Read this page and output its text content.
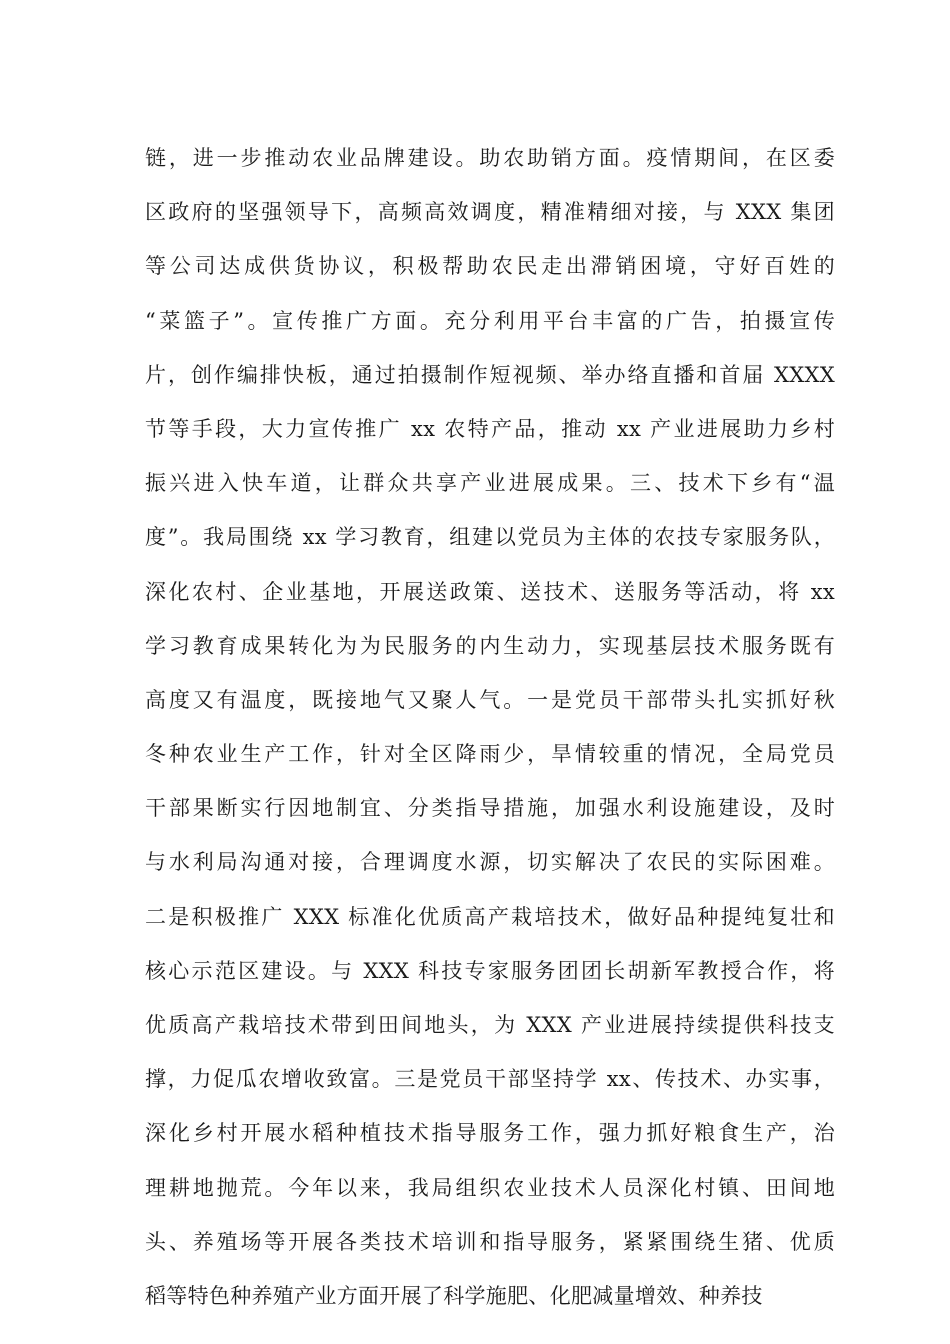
链，进一步推动农业品牌建设。助农助销方面。疫情期间，在区委
区政府的坚强领导下，高频高效调度，精准精细对接，与 XXX 集团
等公司达成供货协议，积极帮助农民走出滞销困境，守好百姓的
“菜篮子”。宣传推广方面。充分利用平台丰富的广告，拍摄宣传
片，创作编排快板，通过拍摄制作短视频、举办络直播和首届 XXXX
节等手段，大力宣传推广 xx 农特产品，推动 xx 产业进展助力乡村
振兴进入快车道，让群众共享产业进展成果。三、技术下乡有“温
度”。我局围绕 xx 学习教育，组建以党员为主体的农技专家服务队，
深化农村、企业基地，开展送政策、送技术、送服务等活动，将 xx
学习教育成果转化为为民服务的内生动力，实现基层技术服务既有
高度又有温度，既接地气又聚人气。一是党员干部带头扎实抓好秋
冬种农业生产工作，针对全区降雨少，旱情较重的情况，全局党员
干部果断实行因地制宜、分类指导措施，加强水利设施建设，及时
与水利局沟通对接，合理调度水源，切实解决了农民的实际困难。
二是积极推广 XXX 标准化优质高产栽培技术，做好品种提纯复壮和
核心示范区建设。与 XXX 科技专家服务团团长胡新军教授合作，将
优质高产栽培技术带到田间地头，为 XXX 产业进展持续提供科技支
撑，力促瓜农增收致富。三是党员干部坚持学 xx、传技术、办实事，
深化乡村开展水稻种植技术指导服务工作，强力抓好粮食生产，治
理耕地抛荒。今年以来，我局组织农业技术人员深化村镇、田间地
头、养殖场等开展各类技术培训和指导服务，紧紧围绕生猪、优质
稻等特色种养殖产业方面开展了科学施肥、化肥减量增效、种养技
